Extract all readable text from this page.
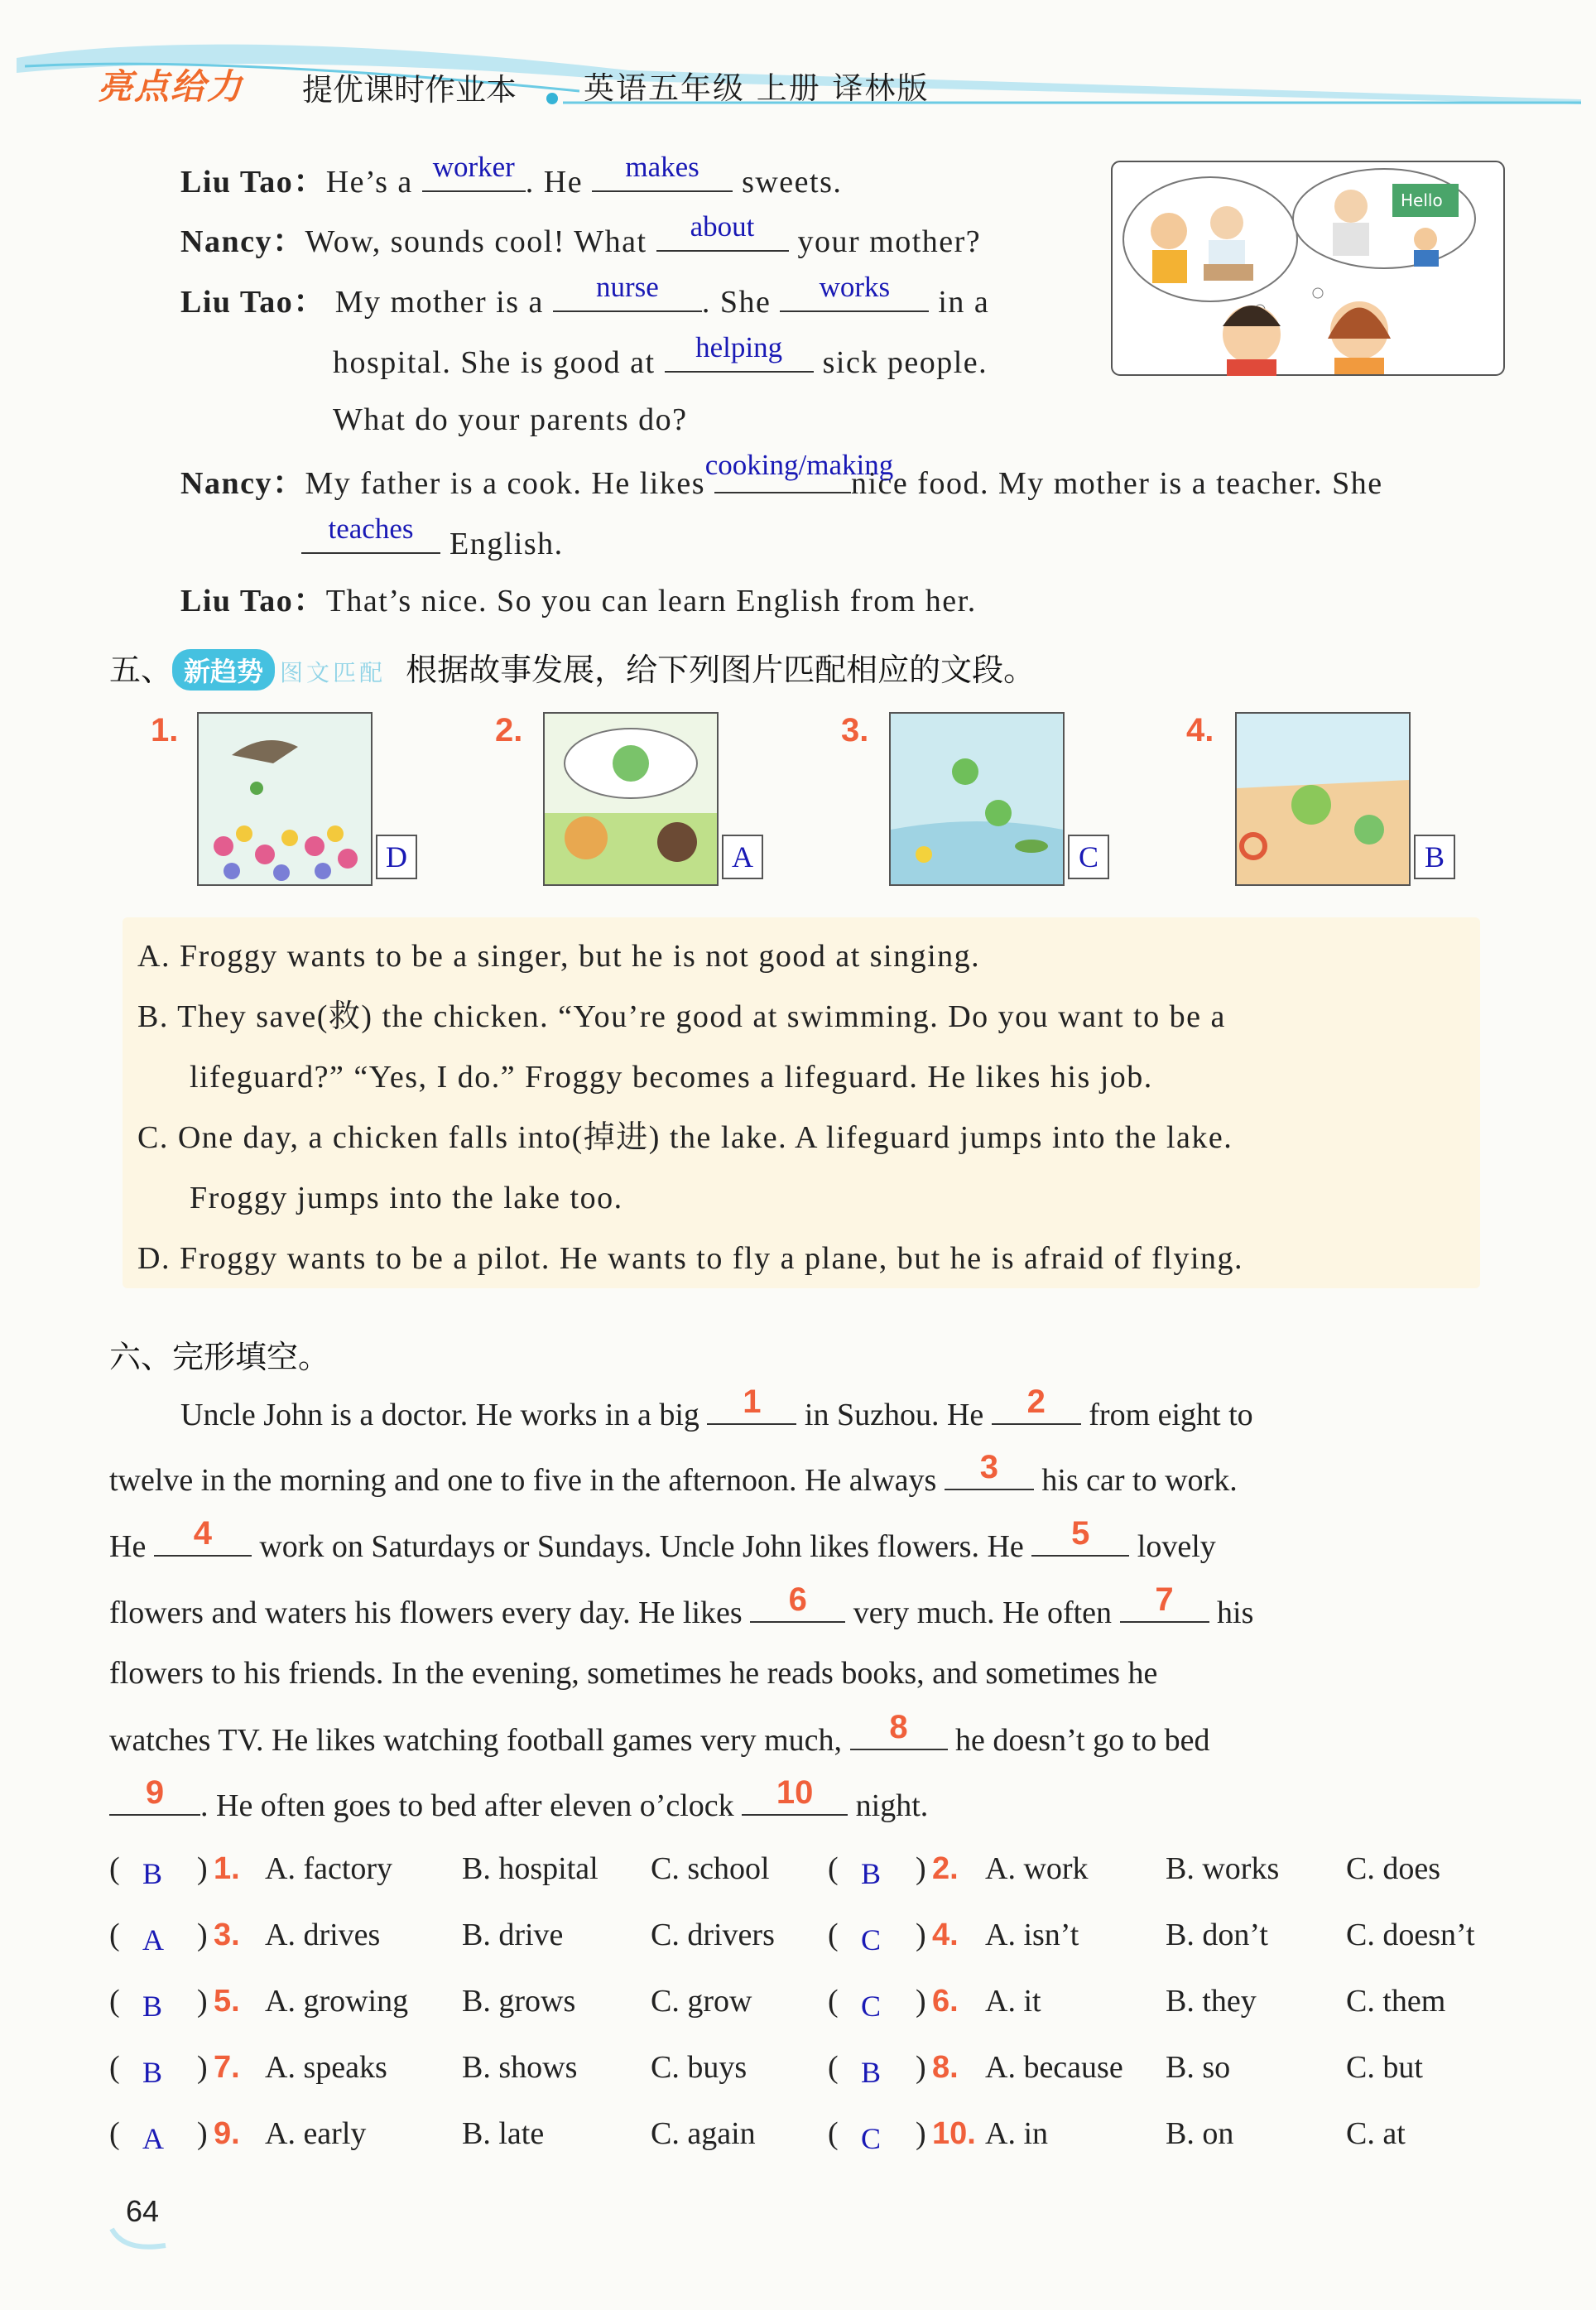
亮点给力 提优课时作业本 英语五年级 上册 译林版
Liu Tao：He’s a worker . He	makes	sweets.
Nancy：Wow, sounds cool! What	about	your mother?
Liu Tao： My mother is a	nurse	. She	works	in a
hospital. She is good at	helping	sick people.
What do your parents do?
Nancy：My father is a cook. He likes
cooking/making
nice food. My mother is a teacher. She
teaches	English.
Liu Tao：That’s nice. So you can learn English from her.
Hello
五、 新趋势 图文匹配 根据故事发展，给下列图片匹配相应的文段。
1.
D
2.
A
3.
C
4.
B
A. Froggy wants to be a singer, but he is not good at singing.
B. They save(救) the chicken. “You’re good at swimming. Do you want to be a
lifeguard?” “Yes, I do.” Froggy becomes a lifeguard. He likes his job.
C. One day, a chicken falls into(掉进) the lake. A lifeguard jumps into the lake.
Froggy jumps into the lake too.
D. Froggy wants to be a pilot. He wants to fly a plane, but he is afraid of flying.
六、完形填空。
Uncle John is a doctor. He works in a big	1	in Suzhou. He	2	from eight to
twelve in the morning and one to five in the afternoon. He always	3	his car to work.
He	4	work on Saturdays or Sundays. Uncle John likes flowers. He	5	lovely
flowers and waters his flowers every day. He likes	6	very much. He often	7	his
flowers to his friends. In the evening, sometimes he reads books, and sometimes he
watches TV. He likes watching football games very much,	8	he doesn’t go to bed
9	. He often goes to bed after eleven o’clock	10	night.
( B ) 1. A. factory B. hospital C. school ( B ) 2. A. work B. works C. does
( A ) 3. A. drives	B. drive	C. drivers ( C ) 4. A. isn’t	B. don’t C. doesn’t
( B ) 5. A. growing B. grows C. grow ( C ) 6. A. it	B. they	C. them
( B ) 7. A. speaks B. shows C. buys	( B ) 8. A. because B. so	C. but
( A ) 9. A. early	B. late	C. again ( C ) 10. A. in	B. on	C. at
64
